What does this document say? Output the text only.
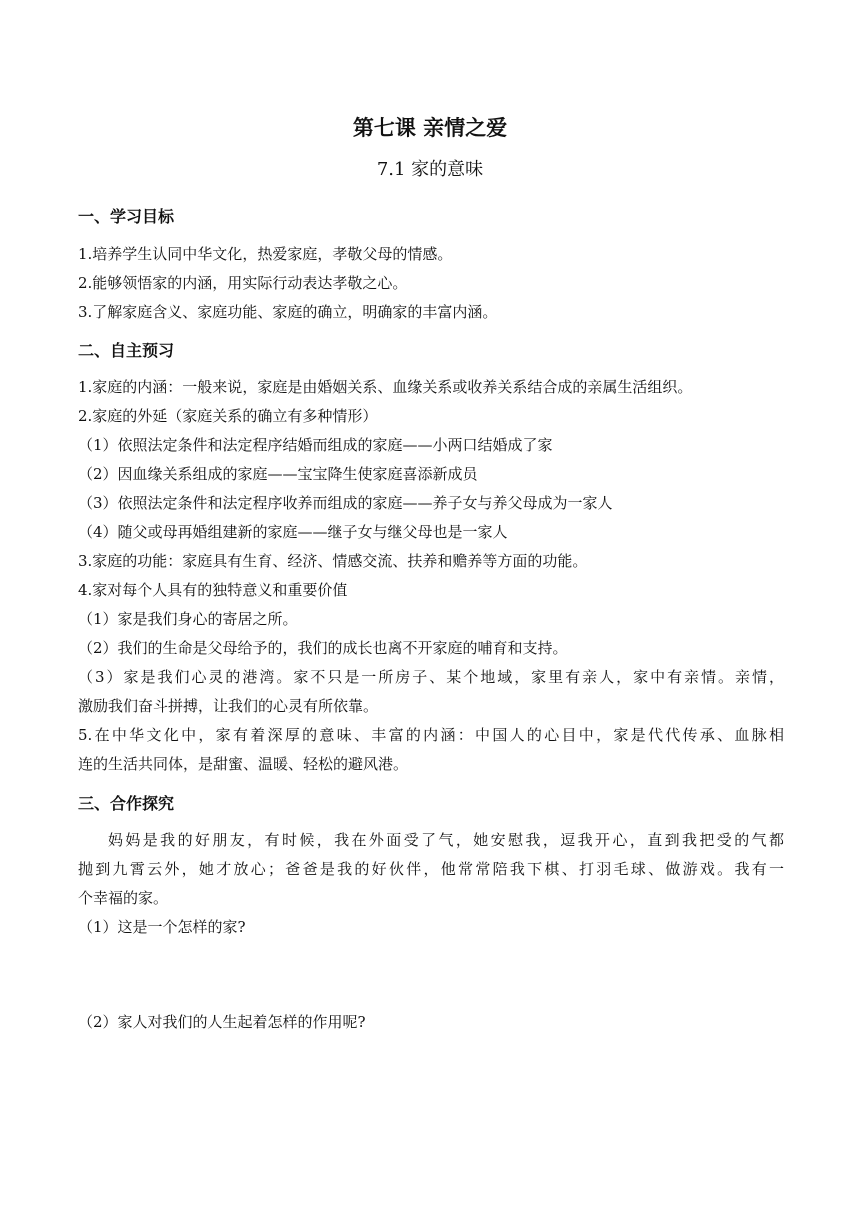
第七课 亲情之爱
7.1 家的意味
一、学习目标
1.培养学生认同中华文化，热爱家庭，孝敬父母的情感。
2.能够领悟家的内涵，用实际行动表达孝敬之心。
3.了解家庭含义、家庭功能、家庭的确立，明确家的丰富内涵。
二、自主预习
1.家庭的内涵：一般来说，家庭是由婚姻关系、血缘关系或收养关系结合成的亲属生活组织。
2.家庭的外延（家庭关系的确立有多种情形）
（1）依照法定条件和法定程序结婚而组成的家庭——小两口结婚成了家
（2）因血缘关系组成的家庭——宝宝降生使家庭喜添新成员
（3）依照法定条件和法定程序收养而组成的家庭——养子女与养父母成为一家人
（4）随父或母再婚组建新的家庭——继子女与继父母也是一家人
3.家庭的功能：家庭具有生育、经济、情感交流、扶养和赡养等方面的功能。
4.家对每个人具有的独特意义和重要价值
（1）家是我们身心的寄居之所。
（2）我们的生命是父母给予的，我们的成长也离不开家庭的哺育和支持。
（3）家是我们心灵的港湾。家不只是一所房子、某个地域，家里有亲人，家中有亲情。亲情，
激励我们奋斗拼搏，让我们的心灵有所依靠。
5.在中华文化中，家有着深厚的意味、丰富的内涵：中国人的心目中，家是代代传承、血脉相
连的生活共同体，是甜蜜、温暖、轻松的避风港。
三、合作探究
妈妈是我的好朋友，有时候，我在外面受了气，她安慰我，逗我开心，直到我把受的气都
抛到九霄云外，她才放心；爸爸是我的好伙伴，他常常陪我下棋、打羽毛球、做游戏。我有一
个幸福的家。
（1）这是一个怎样的家?
（2）家人对我们的人生起着怎样的作用呢?
